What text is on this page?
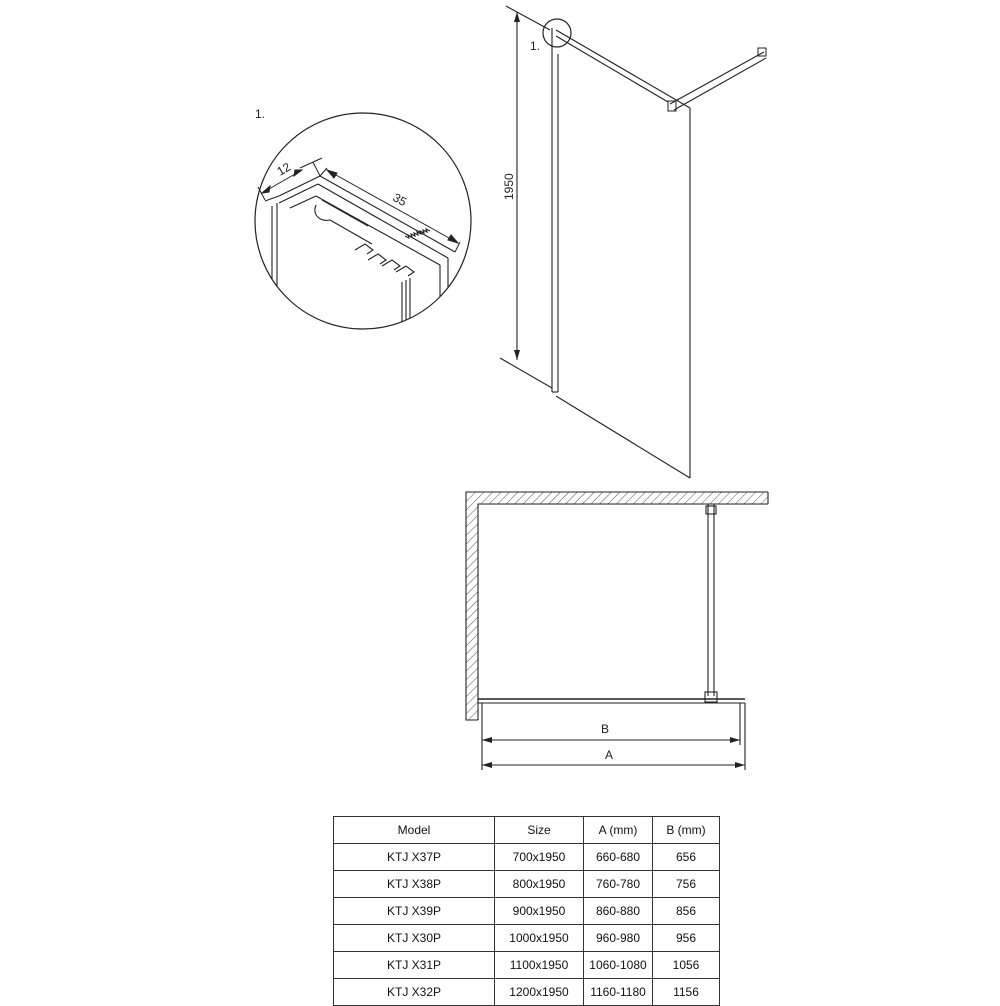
1.
12
35
1.
1950
B
A
Model	Size	A (mm)	B (mm)
KTJ X37P	700x1950	660-680	656
KTJ X38P	800x1950	760-780	756
KTJ X39P	900x1950	860-880	856
KTJ X30P	1000x1950	960-980	956
KTJ X31P	1100x1950	1060-1080	1056
KTJ X32P	1200x1950	1160-1180	1156
